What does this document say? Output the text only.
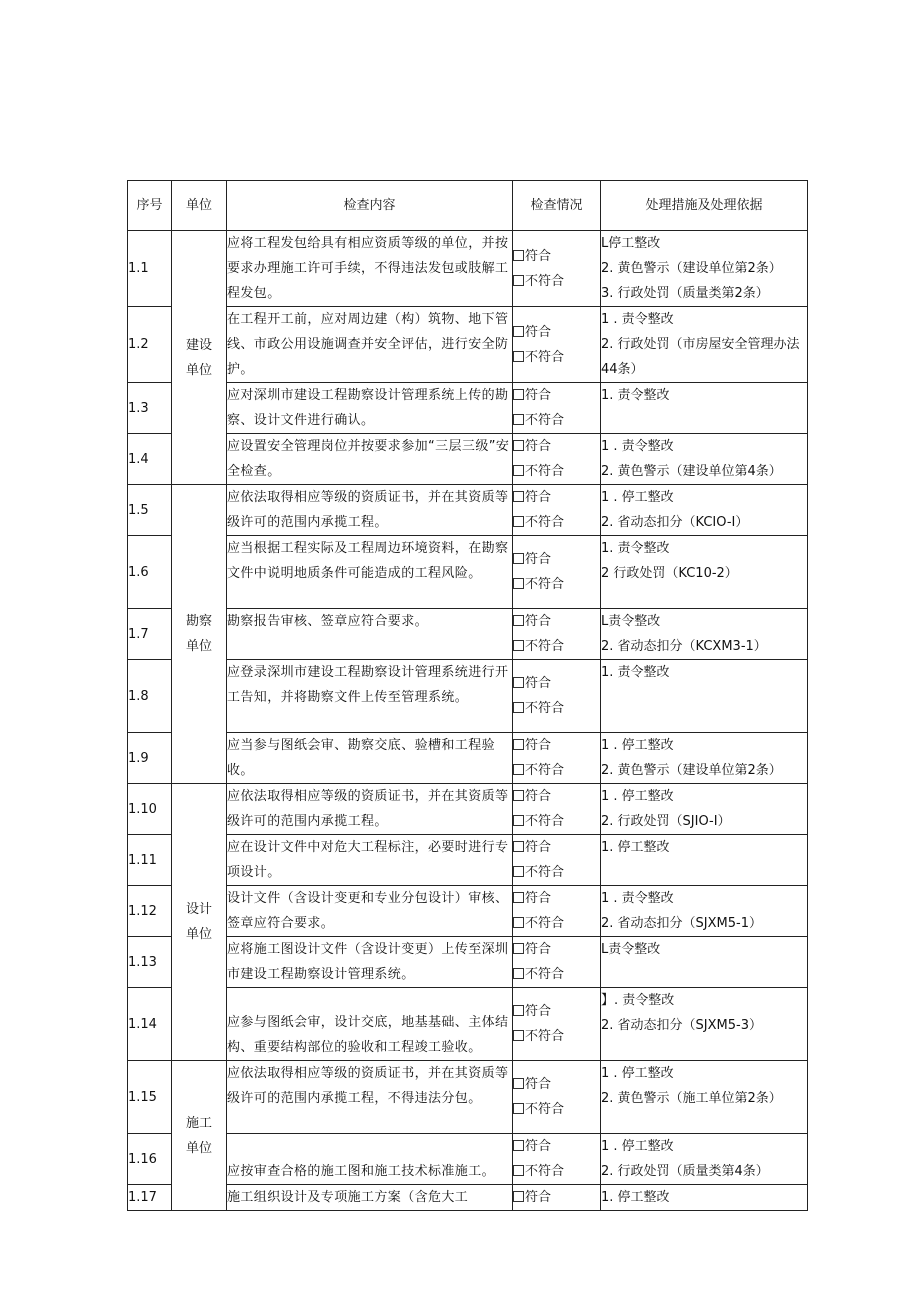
序号	单位	检查内容	检查情况	处理措施及处理依据
1.1	建设单位	应将工程发包给具有相应资质等级的单位，并按要求办理施工许可手续，不得违法发包或肢解工程发包。	符合
不符合	L停工整改
2. 黄色警示（建设单位第2条）
3. 行政处罚（质量类第2条）

1.2		在工程开工前，应对周边建（构）筑物、地下管线、市政公用设施调查并安全评估，进行安全防护。	符合
不符合	1 . 责令整改
2. 行政处罚（市房屋安全管理办法44条）

1.3		应对深圳市建设工程勘察设计管理系统上传的勘察、设计文件进行确认。	符合
不符合	1. 责令整改

1.4		应设置安全管理岗位并按要求参加“三层三级”安全检查。	符合
不符合	1 . 责令整改
2. 黄色警示（建设单位第4条）

1.5	勘察单位	应依法取得相应等级的资质证书，并在其资质等级许可的范围内承揽工程。	符合
不符合	1 . 停工整改
2. 省动态扣分（KCIO-I）

1.6		应当根据工程实际及工程周边环境资料，在勘察文件中说明地质条件可能造成的工程风险。	符合
不符合	1. 责令整改
2 行政处罚（KC10-2）

1.7		勘察报告审核、签章应符合要求。	符合
不符合	L责令整改
2. 省动态扣分（KCXM3-1）

1.8		应登录深圳市建设工程勘察设计管理系统进行开工告知，并将勘察文件上传至管理系统。	符合
不符合	1. 责令整改

1.9		应当参与图纸会审、勘察交底、验槽和工程验收。	符合
不符合	1 . 停工整改
2. 黄色警示（建设单位第2条）

1.10	设计单位	应依法取得相应等级的资质证书，并在其资质等级许可的范围内承揽工程。	符合
不符合	1 . 停工整改
2. 行政处罚（SJIO-I）

1.11		应在设计文件中对危大工程标注，必要时进行专项设计。	符合
不符合	1. 停工整改

1.12		设计文件（含设计变更和专业分包设计）审核、签章应符合要求。	符合
不符合	1 . 责令整改
2. 省动态扣分（SJXM5-1）

1.13		应将施工图设计文件（含设计变更）上传至深圳市建设工程勘察设计管理系统。	符合
不符合	L责令整改

1.14		应参与图纸会审，设计交底，地基基础、主体结构、重要结构部位的验收和工程竣工验收。	符合
不符合	】. 责令整改
2. 省动态扣分（SJXM5-3）

1.15	施工单位	应依法取得相应等级的资质证书，并在其资质等级许可的范围内承揽工程，不得违法分包。	符合
不符合	1 . 停工整改
2. 黄色警示（施工单位第2条）

1.16		应按审查合格的施工图和施工技术标准施工。	符合
不符合	1 . 停工整改
2. 行政处罚（质量类第4条）

1.17		施工组织设计及专项施工方案（含危大工	符合	1. 停工整改
